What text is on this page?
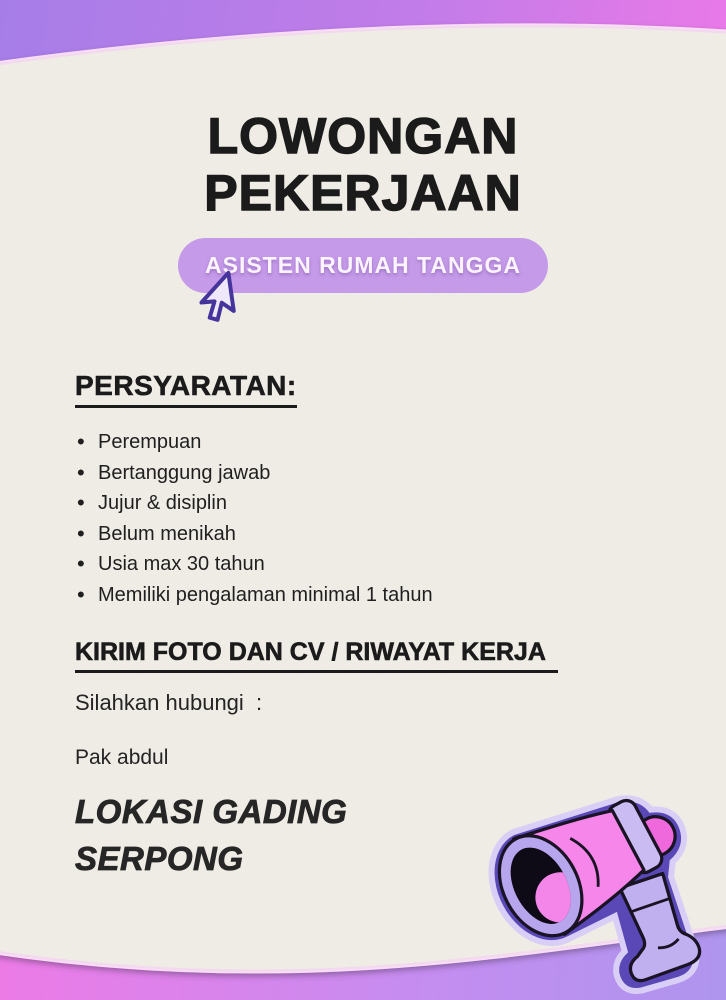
LOWONGAN
PEKERJAAN
ASISTEN RUMAH TANGGA
PERSYARATAN:
• Perempuan
• Bertanggung jawab
• Jujur & disiplin
• Belum menikah
• Usia max 30 tahun
• Memiliki pengalaman minimal 1 tahun
KIRIM FOTO DAN CV / RIWAYAT KERJA

Silahkan hubungi  :

Pak abdul

LOKASI GADING SERPONG
